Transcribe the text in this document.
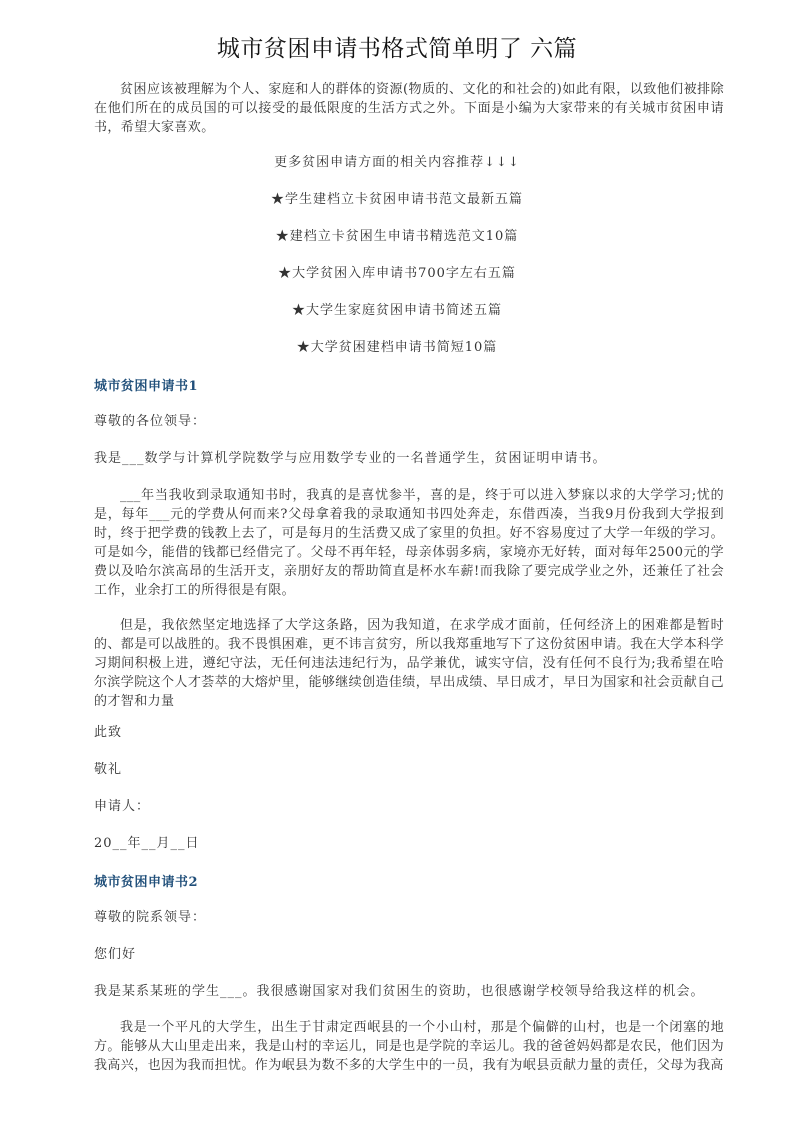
城市贫困申请书格式简单明了 六篇

贫困应该被理解为个人、家庭和人的群体的资源(物质的、文化的和社会的)如此有限，以致他们被排除在他们所在的成员国的可以接受的最低限度的生活方式之外。下面是小编为大家带来的有关城市贫困申请书，希望大家喜欢。

更多贫困申请方面的相关内容推荐↓↓↓

★学生建档立卡贫困申请书范文最新五篇

★建档立卡贫困生申请书精选范文10篇

★大学贫困入库申请书700字左右五篇

★大学生家庭贫困申请书简述五篇

★大学贫困建档申请书简短10篇

城市贫困申请书1

尊敬的各位领导：

我是___数学与计算机学院数学与应用数学专业的一名普通学生，贫困证明申请书。

___年当我收到录取通知书时，我真的是喜忧参半，喜的是，终于可以进入梦寐以求的大学学习;忧的是，每年___元的学费从何而来?父母拿着我的录取通知书四处奔走，东借西凑，当我9月份我到大学报到时，终于把学费的钱教上去了，可是每月的生活费又成了家里的负担。好不容易度过了大学一年级的学习。可是如今，能借的钱都已经借完了。父母不再年轻，母亲体弱多病，家境亦无好转，面对每年2500元的学费以及哈尔滨高昂的生活开支，亲朋好友的帮助简直是杯水车薪!而我除了要完成学业之外，还兼任了社会工作，业余打工的所得很是有限。

但是，我依然坚定地选择了大学这条路，因为我知道，在求学成才面前，任何经济上的困难都是暂时的、都是可以战胜的。我不畏惧困难，更不讳言贫穷，所以我郑重地写下了这份贫困申请。我在大学本科学习期间积极上进，遵纪守法，无任何违法违纪行为，品学兼优，诚实守信，没有任何不良行为;我希望在哈尔滨学院这个人才荟萃的大熔炉里，能够继续创造佳绩，早出成绩、早日成才，早日为国家和社会贡献自己的才智和力量

此致

敬礼

申请人：

20__年__月__日

城市贫困申请书2

尊敬的院系领导：

您们好

我是某系某班的学生___。我很感谢国家对我们贫困生的资助，也很感谢学校领导给我这样的机会。

我是一个平凡的大学生，出生于甘肃定西岷县的一个小山村，那是个偏僻的山村，也是一个闭塞的地方。能够从大山里走出来，我是山村的幸运儿，同是也是学院的幸运儿。我的爸爸妈妈都是农民，他们因为我高兴，也因为我而担忧。作为岷县为数不多的大学生中的一员，我有为岷县贡献力量的责任，父母为我高
